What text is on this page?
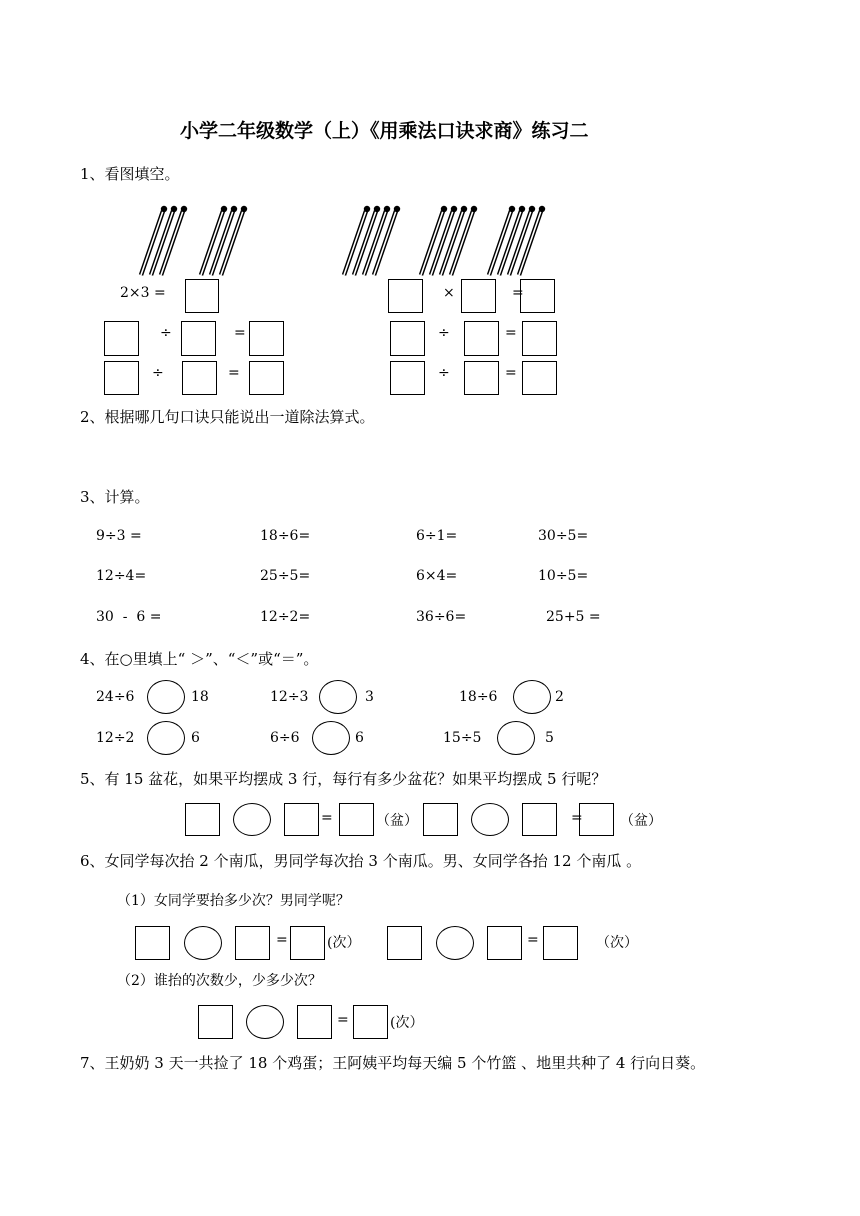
小学二年级数学（上）《用乘法口诀求商》练习二
1、看图填空。
2×3 =	×	=
÷	=	÷	=
÷	=	÷	=
2、根据哪几句口诀只能说出一道除法算式。
3、计算。
9÷3 =	18÷6=	6÷1=	30÷5=
12÷4=	25÷5=	6×4=	10÷5=
30  -  6 =	12÷2=	36÷6=	25+5 =
4、在○里填上“ ＞”、“＜”或“＝”。
24÷6	18	12÷3	3	18÷6	2
12÷2	6	6÷6	6	15÷5	5
5、有 15 盆花，如果平均摆成 3 行，每行有多少盆花？如果平均摆成 5 行呢？
=	（盆）	=	（盆）
6、女同学每次抬 2 个南瓜，男同学每次抬 3 个南瓜。男、女同学各抬 12 个南瓜 。
（1）女同学要抬多少次？男同学呢？
=	(次）	=	（次）
（2）谁抬的次数少，少多少次？
=	(次）
7、王奶奶 3 天一共捡了 18 个鸡蛋；王阿姨平均每天编 5 个竹篮 、地里共种了 4 行向日葵。
